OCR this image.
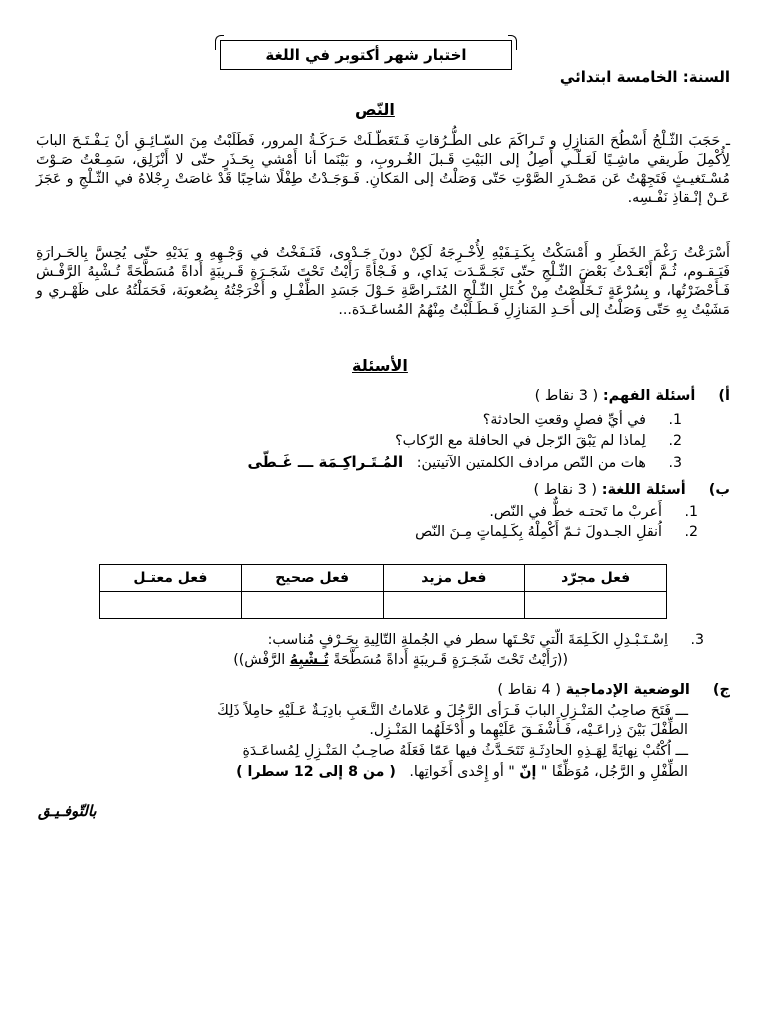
اختبار شهر أكتوبر في اللغة
السنة: الخامسة ابتدائي
النّص
ـ حَجَبَ الثّـلْجُ أَسْطُحَ المَنازِلِ و تَـراكَمَ على الطُّـرُقاتِ فَـتَعَطّـلَتْ حَـرَكَـةُ المرور، فَطَلَبْتُ مِنَ السّـائِـقِ أنْ يَـفْـتَـحَ البابَ لِأُكْمِلَ طَريقي ماشِـيًا لَعَـلّـي أَصِلُ إلى البَيْتِ قَـبلَ الغُـروبِ، و بَيْنَما أنا أَمْشي بِحَـذَرٍ حتّى لا أَنْزَلِق، سَمِـعْتُ صَـوْتَ مُسْـتَغيـثٍ فَتَجِهْتُ عَن مَصْـدَرِ الصَّوْتِ حَتّى وَصَلْتُ إلى المَكانِ. فَـوَجَـدْتُ طِفْلًا شاحِبًا قَدْ غاصَتْ رِجْلاهُ في الثّـلْجِ و عَجَزَ عَـنْ إنْـقاذِ نَفْـسِه.
أَسْرَعْتُ رَغْمَ الخَطَرِ و أَمْسَكْتُ بِكَـتِـفَيْهِ لِأُخْـرِجَهُ لَكِنْ دونَ جَـدْوى، فَنَـفَخْتُ في وَجْـهِهِ و يَدَيْهِ حتّى يُحِسَّ بِالحَـرارَةِ فَيَـقـوم، ثُـمَّ أَبْعَـدْتُ بَعْضَ الثّـلْجِ حتّى تَجَـمَّـدَت يَداي، و فَـجْأَةً رَأَيْتُ تَحْتَ شَجَـرَةٍ قَـريبَةٍ أَداةً مُسَطَّحَةً تُـشْبِهُ الرَّفْـش فَـأَحْضَرْتُها، و بِسُرْعَةٍ تَـخَلَّصْتُ مِنْ كُـتَلِ الثّـلْجِ المُتَـراصَّةِ حَـوْلَ جَسَدِ الطِّفْـلِ و أَخْرَجْتُهُ بِصُعوبَة، فَحَمَلْتُهُ على ظَهْـري و مَشَيْتُ بِهِ حَتّى وَصَلْتُ إلى أَحَـدِ المَنازِلِ فَـطَـلَبْتُ مِنْهُمُ المُساعَـدَة...
الأسئلة
أ)     أسئلة الفهم: ( 3 نقاط )
1.     في أيِّ فصلٍ وقعتِ الحادثة؟
2.     لِماذا لم يَبْقَ الرّجل في الحافلة مع الرّكاب؟
3.     هات من النّص مرادف الكلمتين الآتيتين:   المُـتَـراكِـمَة ـــ غَـطّى
ب)     أسئلة اللغة: ( 3 نقاط )
1.     أَعربْ ما تَحتـه خطٌّ في النّص.
2.     اُنقلِ الجـدولَ ثـمّ أَكْمِلْهُ بِكَـلِماتٍ مِـنَ النّص
فعل مجرّد	فعل مزيد	فعل صحيح	فعل معتـل

3.     اِسْـتَـبْـدِلِ الكَـلِمَةَ الّتي تَحْـتَها سطر في الجُملةِ التّالِيةِ بِحَـرْفٍ مُناسب:
((رَأَيْتُ تَحْتَ شَجَـرَةٍ قَـريبَةٍ أَداةً مُسَطَّحَةً تُـشْبِهُ الرَّفْش))
ج)     الوضعية الإدماجية ( 4 نقاط )
ـــ فَتَحَ صاحِبُ المَنْـزِلِ البابَ فَـرَأى الرَّجُلَ و عَلاماتُ التَّـعَبِ بادِيَـةٌ عَـلَيْهِ حامِلاً ذَلِكَ
الطِّفْلَ بَيْنَ ذِراعَـيْه، فَـأَشْفَـقَ عَلَيْهِما و أَدْخَلَهُما المَنْـزِل.
ـــ اُكْتُبْ نِهايَةً لِهَـذِهِ الحادِثَـةِ تَتَحَـدَّثُ فيها عَمّا فَعَلَهُ صاحِـبُ المَنْـزِلِ لِمُساعَـدَةِ
الطِّفْلِ و الرَّجُل، مُوَظِّفًا " إنّ " أو إِحْدى أَخَواتِها.   ( من 8 إلى 12 سطرا )
بالتّوفـيـق
